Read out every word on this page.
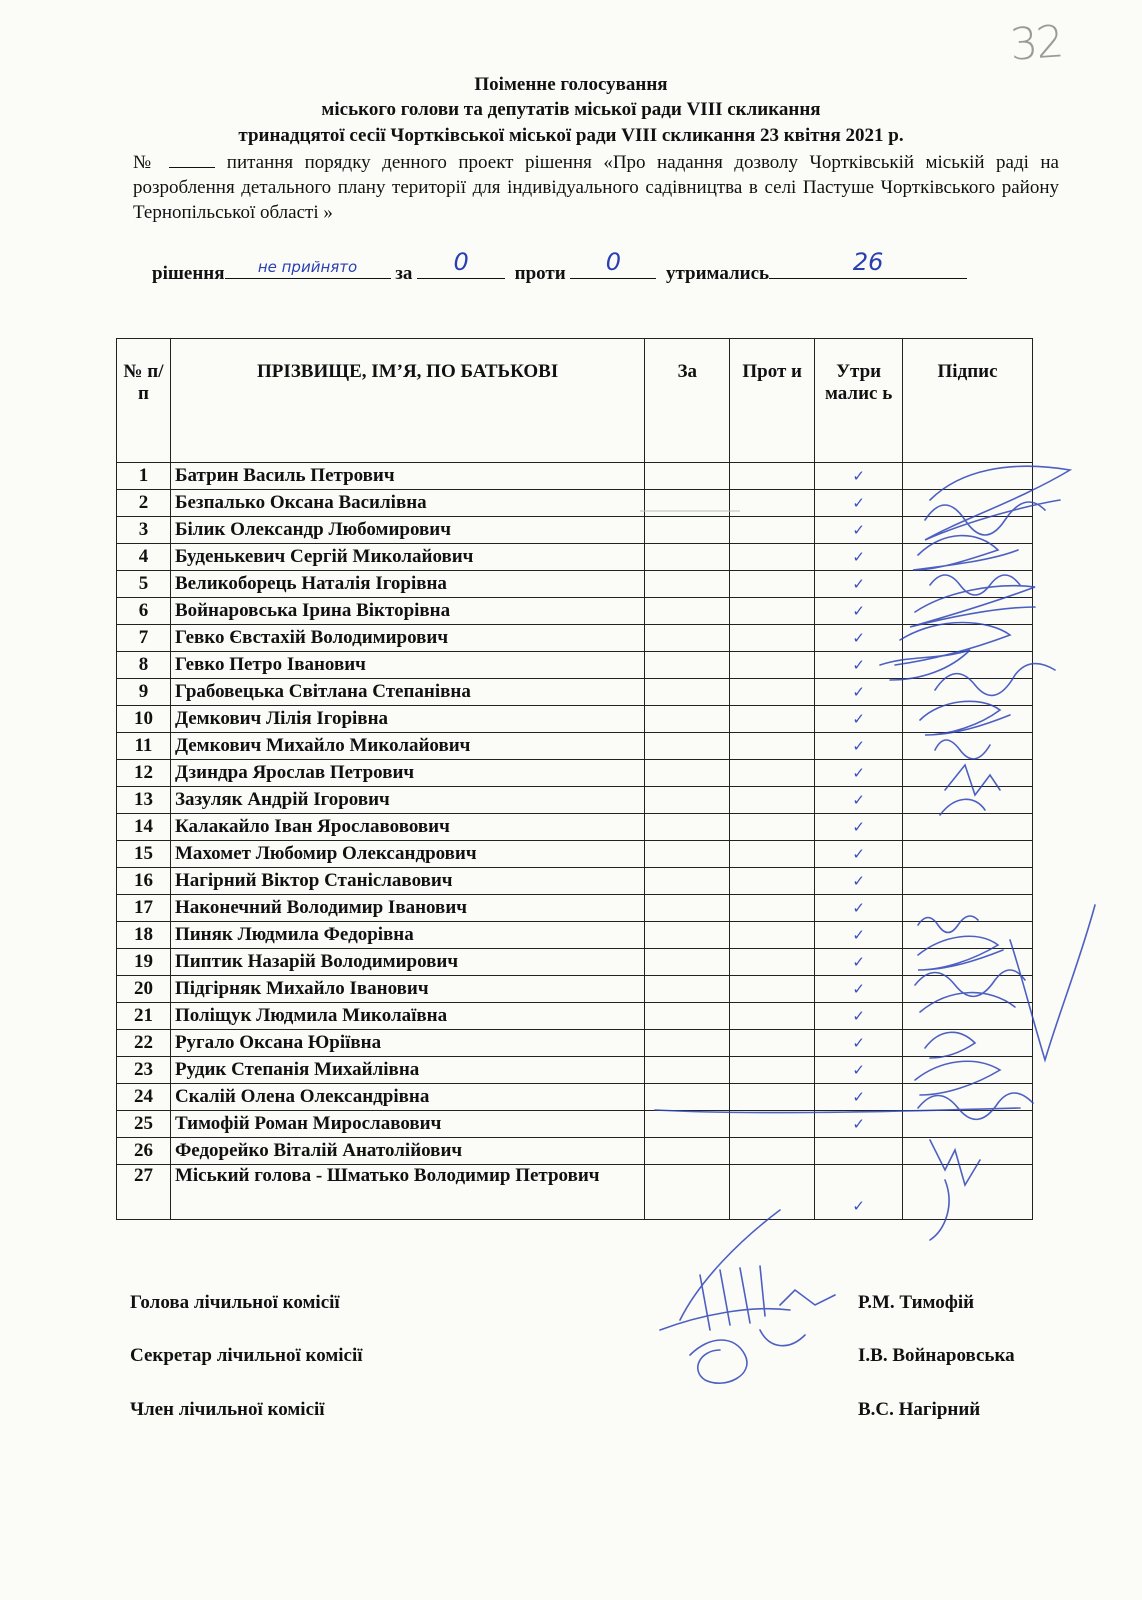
32
Поіменне голосування
міського голови та депутатів міської ради VIII скликання
тринадцятої сесії Чортківської міської ради VIII скликання 23 квітня 2021 р.
№	питання порядку денного проект рішення «Про надання дозволу Чортківській міській раді на розроблення детального плану території для індивідуального садівництва в селі Пастуше Чортківського району Тернопільської області »
рішення	не прийнято	за	0	проти	0	утримались	26
№ п/п	ПРІЗВИЩЕ, ІМ’Я, ПО БАТЬКОВІ	За	Прот и	Утри малис ь	Підпис
1	Батрин Василь Петрович			✓	
2	Безпалько Оксана Василівна			✓	
3	Білик Олександр Любомирович			✓	
4	Буденькевич Сергій Миколайович			✓	
5	Великоборець Наталія Ігорівна			✓	
6	Войнаровська Ірина Вікторівна			✓	
7	Гевко Євстахій Володимирович			✓	
8	Гевко Петро Іванович			✓	
9	Грабовецька Світлана Степанівна			✓	
10	Демкович Лілія Ігорівна			✓	
11	Демкович Михайло Миколайович			✓	
12	Дзиндра Ярослав Петрович			✓	
13	Зазуляк Андрій Ігорович			✓	
14	Калакайло Іван Ярославовович			✓	
15	Махомет Любомир Олександрович			✓	
16	Нагірний Віктор Станіславович			✓	
17	Наконечний Володимир Іванович			✓	
18	Пиняк Людмила Федорівна			✓	
19	Пиптик Назарій Володимирович			✓	
20	Підгірняк Михайло Іванович			✓	
21	Поліщук Людмила Миколаївна			✓	
22	Ругало Оксана Юріївна			✓	
23	Рудик Степанія Михайлівна			✓	
24	Скалій Олена Олександрівна			✓	
25	Тимофій Роман Мирославович			✓	
26	Федорейко Віталій Анатолійович				
27	Міський голова - Шматько Володимир Петрович			✓	
Голова лічильної комісії	Р.М. Тимофій
Секретар лічильної комісії	І.В. Войнаровська
Член лічильної комісії	В.С. Нагірний
